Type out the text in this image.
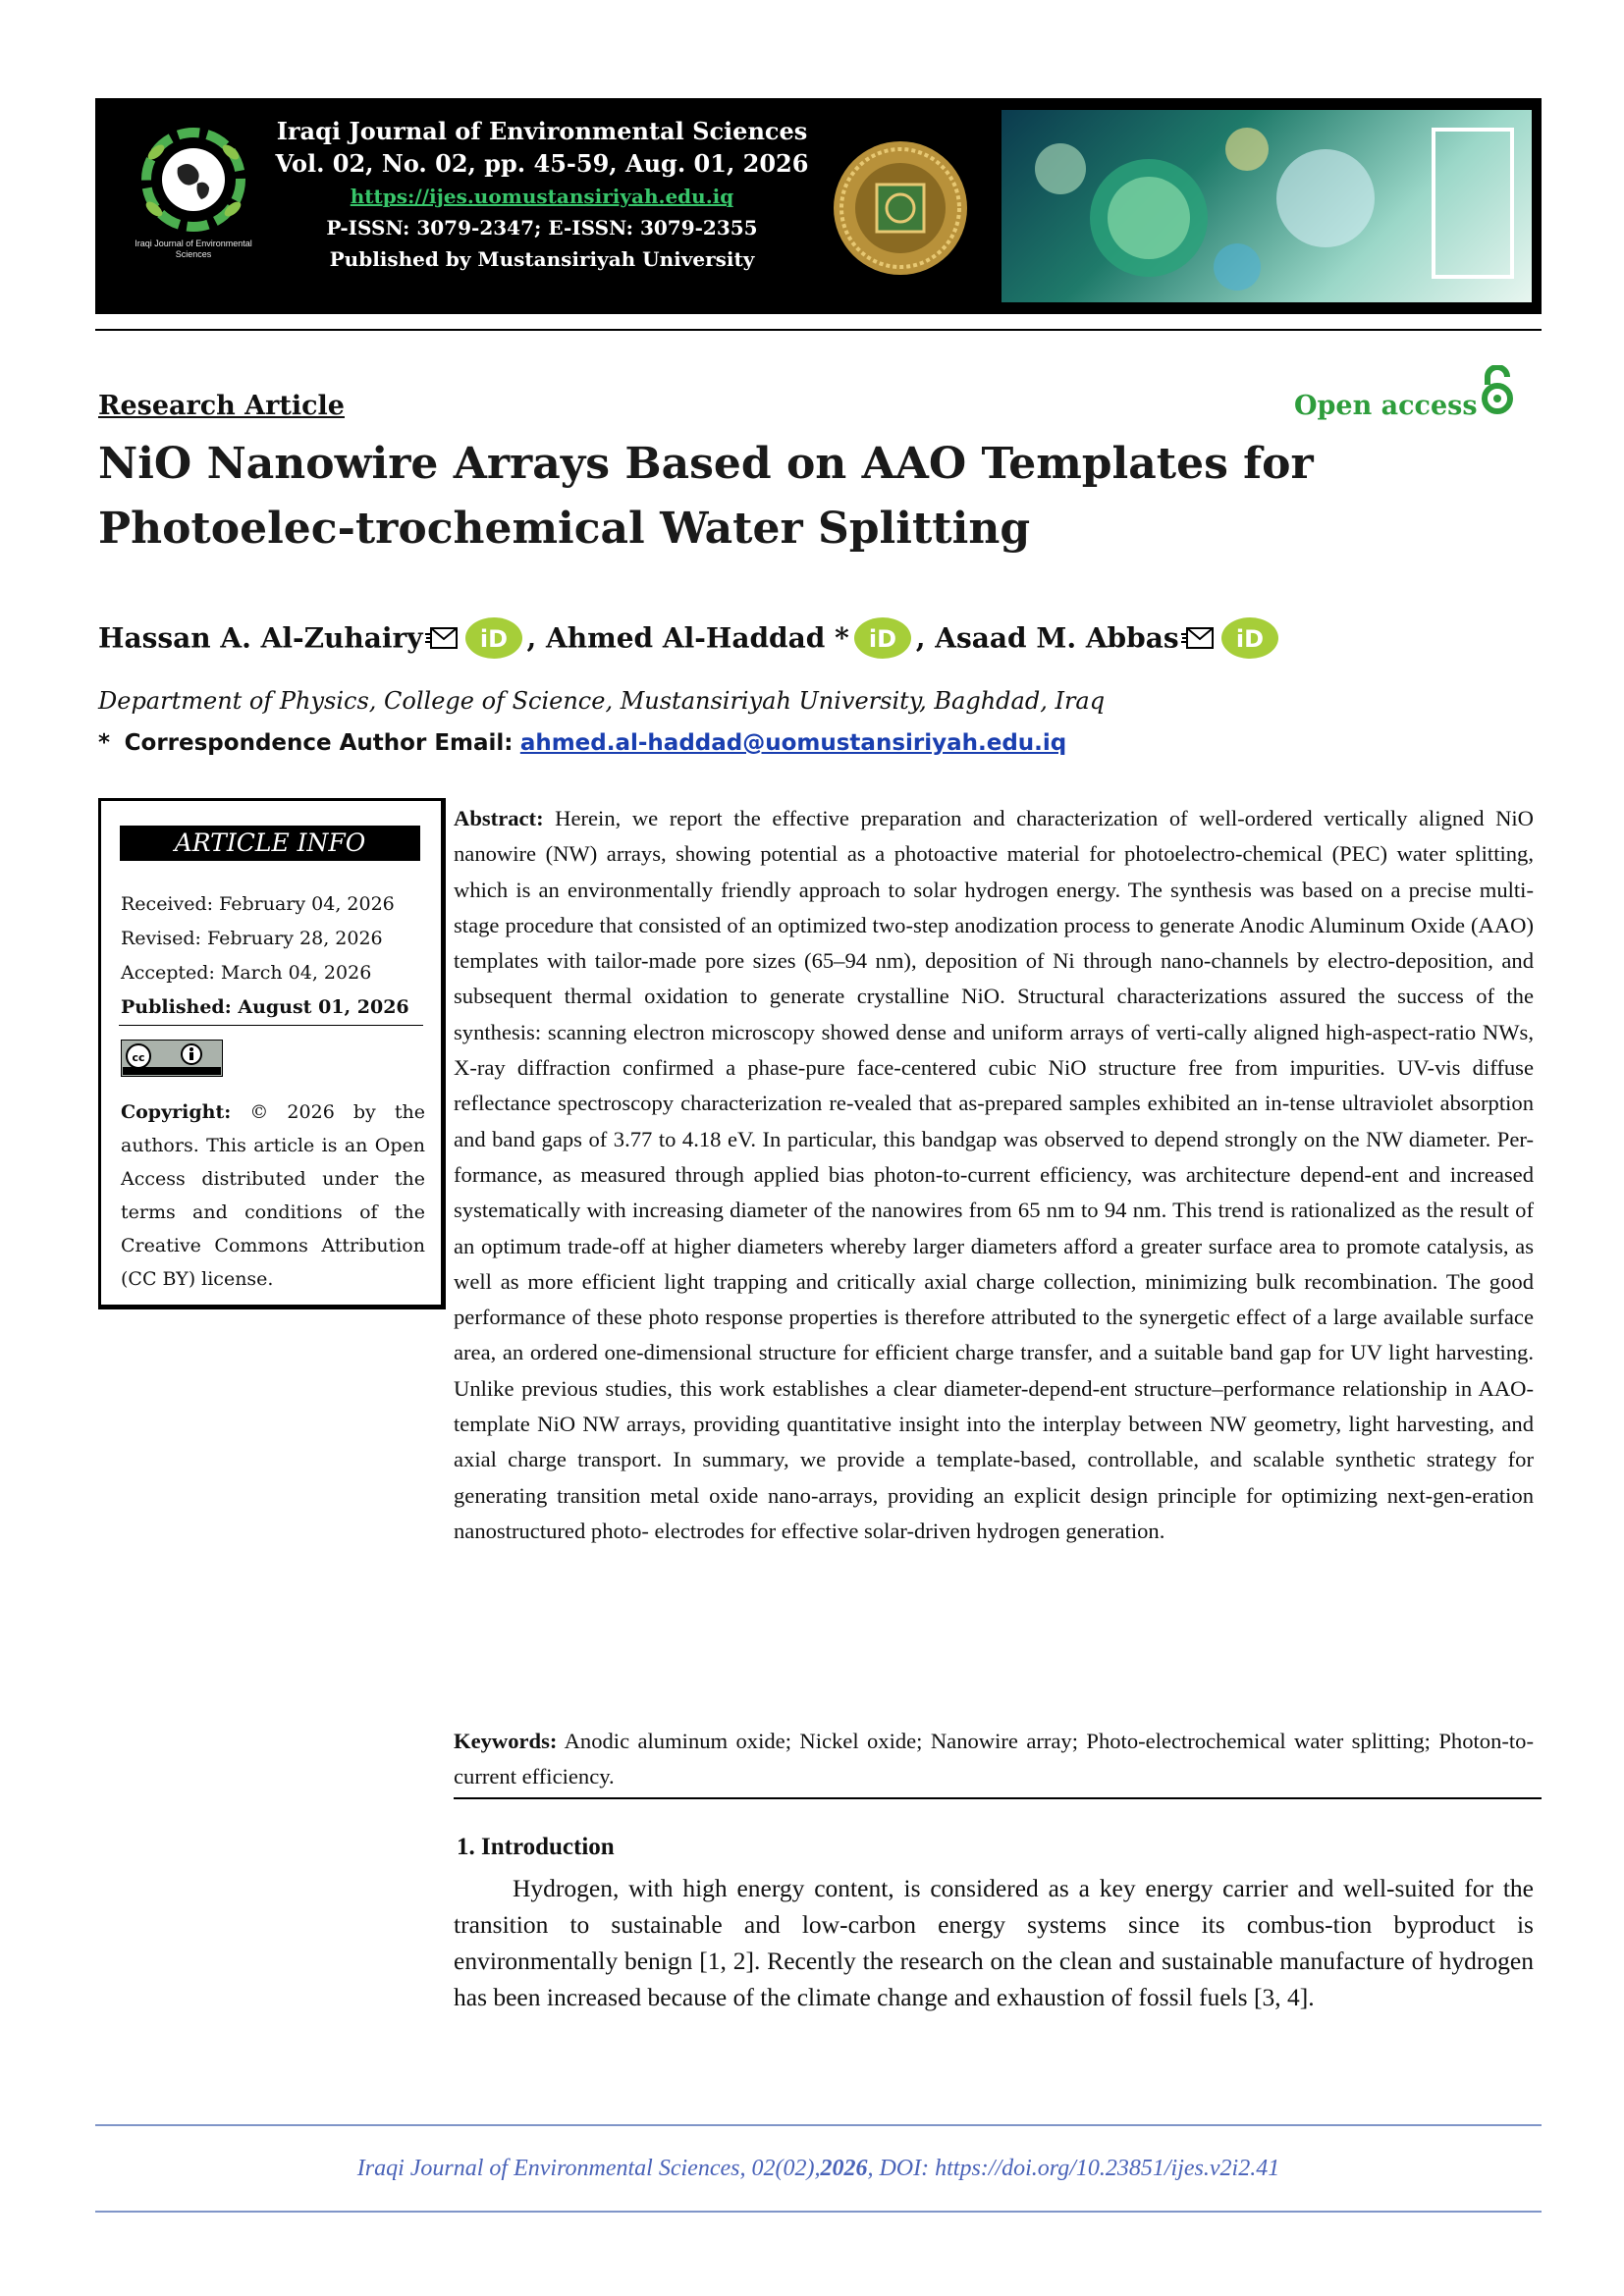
Iraqi Journal of Environmental Sciences
Iraqi Journal of Environmental Sciences
Vol. 02, No. 02, pp. 45-59, Aug. 01, 2026
https://ijes.uomustansiriyah.edu.iq
P-ISSN: 3079-2347; E-ISSN: 3079-2355
Published by Mustansiriyah University
Research Article	Open access
NiO Nanowire Arrays Based on AAO Templates for Photoelec-trochemical Water Splitting
Hassan A. Al-Zuhairy iD , Ahmed Al-Haddad * iD , Asaad M. Abbas iD
Department of Physics, College of Science, Mustansiriyah University, Baghdad, Iraq
* Correspondence Author Email: ahmed.al-haddad@uomustansiriyah.edu.iq
ARTICLE INFO
Received: February 04, 2026
Revised: February 28, 2026
Accepted: March 04, 2026
Published: August 01, 2026
cc
Copyright: © 2026 by the authors. This article is an Open Access distributed under the terms and conditions of the Creative Commons Attribution (CC BY) license.
Abstract: Herein, we report the effective preparation and characterization of well-ordered vertically aligned NiO nanowire (NW) arrays, showing potential as a photoactive material for photoelectro-chemical (PEC) water splitting, which is an environmentally friendly approach to solar hydrogen energy. The synthesis was based on a precise multi-stage procedure that consisted of an optimized two-step anodization process to generate Anodic Aluminum Oxide (AAO) templates with tailor-made pore sizes (65–94 nm), deposition of Ni through nano-channels by electro-deposition, and subsequent thermal oxidation to generate crystalline NiO. Structural characterizations assured the success of the synthesis: scanning electron microscopy showed dense and uniform arrays of verti-cally aligned high-aspect-ratio NWs, X-ray diffraction confirmed a phase-pure face-centered cubic NiO structure free from impurities. UV-vis diffuse reflectance spectroscopy characterization re-vealed that as-prepared samples exhibited an in-tense ultraviolet absorption and band gaps of 3.77 to 4.18 eV. In particular, this bandgap was observed to depend strongly on the NW diameter. Per-formance, as measured through applied bias photon-to-current efficiency, was architecture depend-ent and increased systematically with increasing diameter of the nanowires from 65 nm to 94 nm. This trend is rationalized as the result of an optimum trade-off at higher diameters whereby larger diameters afford a greater surface area to promote catalysis, as well as more efficient light trapping and critically axial charge collection, minimizing bulk recombination. The good performance of these photo response properties is therefore attributed to the synergetic effect of a large available surface area, an ordered one-dimensional structure for efficient charge transfer, and a suitable band gap for UV light harvesting. Unlike previous studies, this work establishes a clear diameter-depend-ent structure–performance relationship in AAO-template NiO NW arrays, providing quantitative insight into the interplay between NW geometry, light harvesting, and axial charge transport. In summary, we provide a template-based, controllable, and scalable synthetic strategy for generating transition metal oxide nano-arrays, providing an explicit design principle for optimizing next-gen-eration nanostructured photo- electrodes for effective solar-driven hydrogen generation.
Keywords: Anodic aluminum oxide; Nickel oxide; Nanowire array; Photo-electrochemical water splitting; Photon-to-current efficiency.
1. Introduction

Hydrogen, with high energy content, is considered as a key energy carrier and well-suited for the transition to sustainable and low-carbon energy systems since its combus-tion byproduct is environmentally benign [1, 2]. Recently the research on the clean and sustainable manufacture of hydrogen has been increased because of the climate change and exhaustion of fossil fuels [3, 4].

Iraqi Journal of Environmental Sciences, 02(02),2026, DOI: https://doi.org/10.23851/ijes.v2i2.41
